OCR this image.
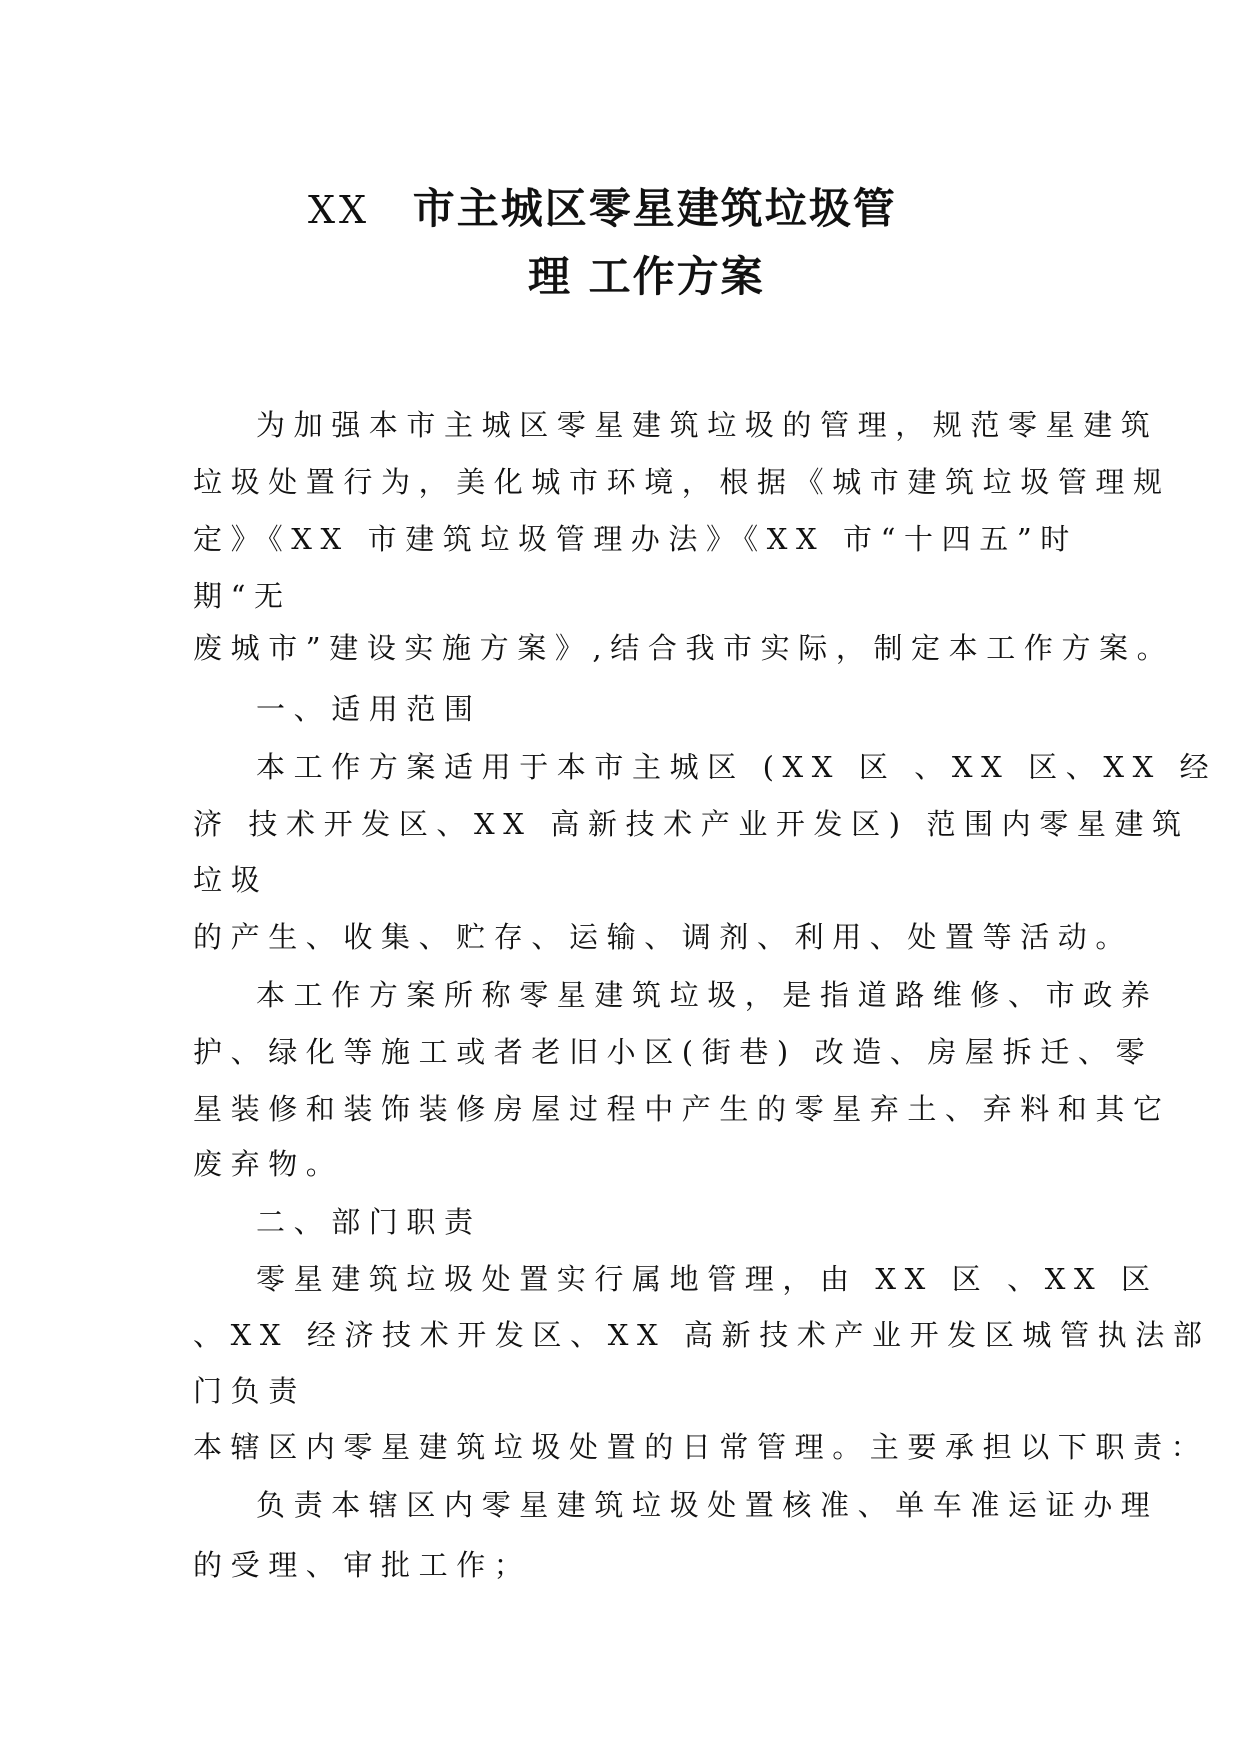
XX 市主城区零星建筑垃圾管
理 工作方案
为加强本市主城区零星建筑垃圾的管理，规范零星建筑
垃圾处置行为，美化城市环境，根据《城市建筑垃圾管理规
定》《XX 市建筑垃圾管理办法》《XX 市“十四五”时
期“无
废城市”建设实施方案》,结合我市实际，制定本工作方案。
一、适用范围
本工作方案适用于本市主城区 (XX 区 、XX 区、XX 经
济 技术开发区、XX 高新技术产业开发区) 范围内零星建筑
垃圾
的产生、收集、贮存、运输、调剂、利用、处置等活动。
本工作方案所称零星建筑垃圾，是指道路维修、市政养
护、绿化等施工或者老旧小区(街巷) 改造、房屋拆迁、零
星装修和装饰装修房屋过程中产生的零星弃土、弃料和其它
废弃物。
二、部门职责
零星建筑垃圾处置实行属地管理，由 XX 区 、XX 区
、XX 经济技术开发区、XX 高新技术产业开发区城管执法部
门负责
本辖区内零星建筑垃圾处置的日常管理。主要承担以下职责：
负责本辖区内零星建筑垃圾处置核准、单车准运证办理
的受理、审批工作；
